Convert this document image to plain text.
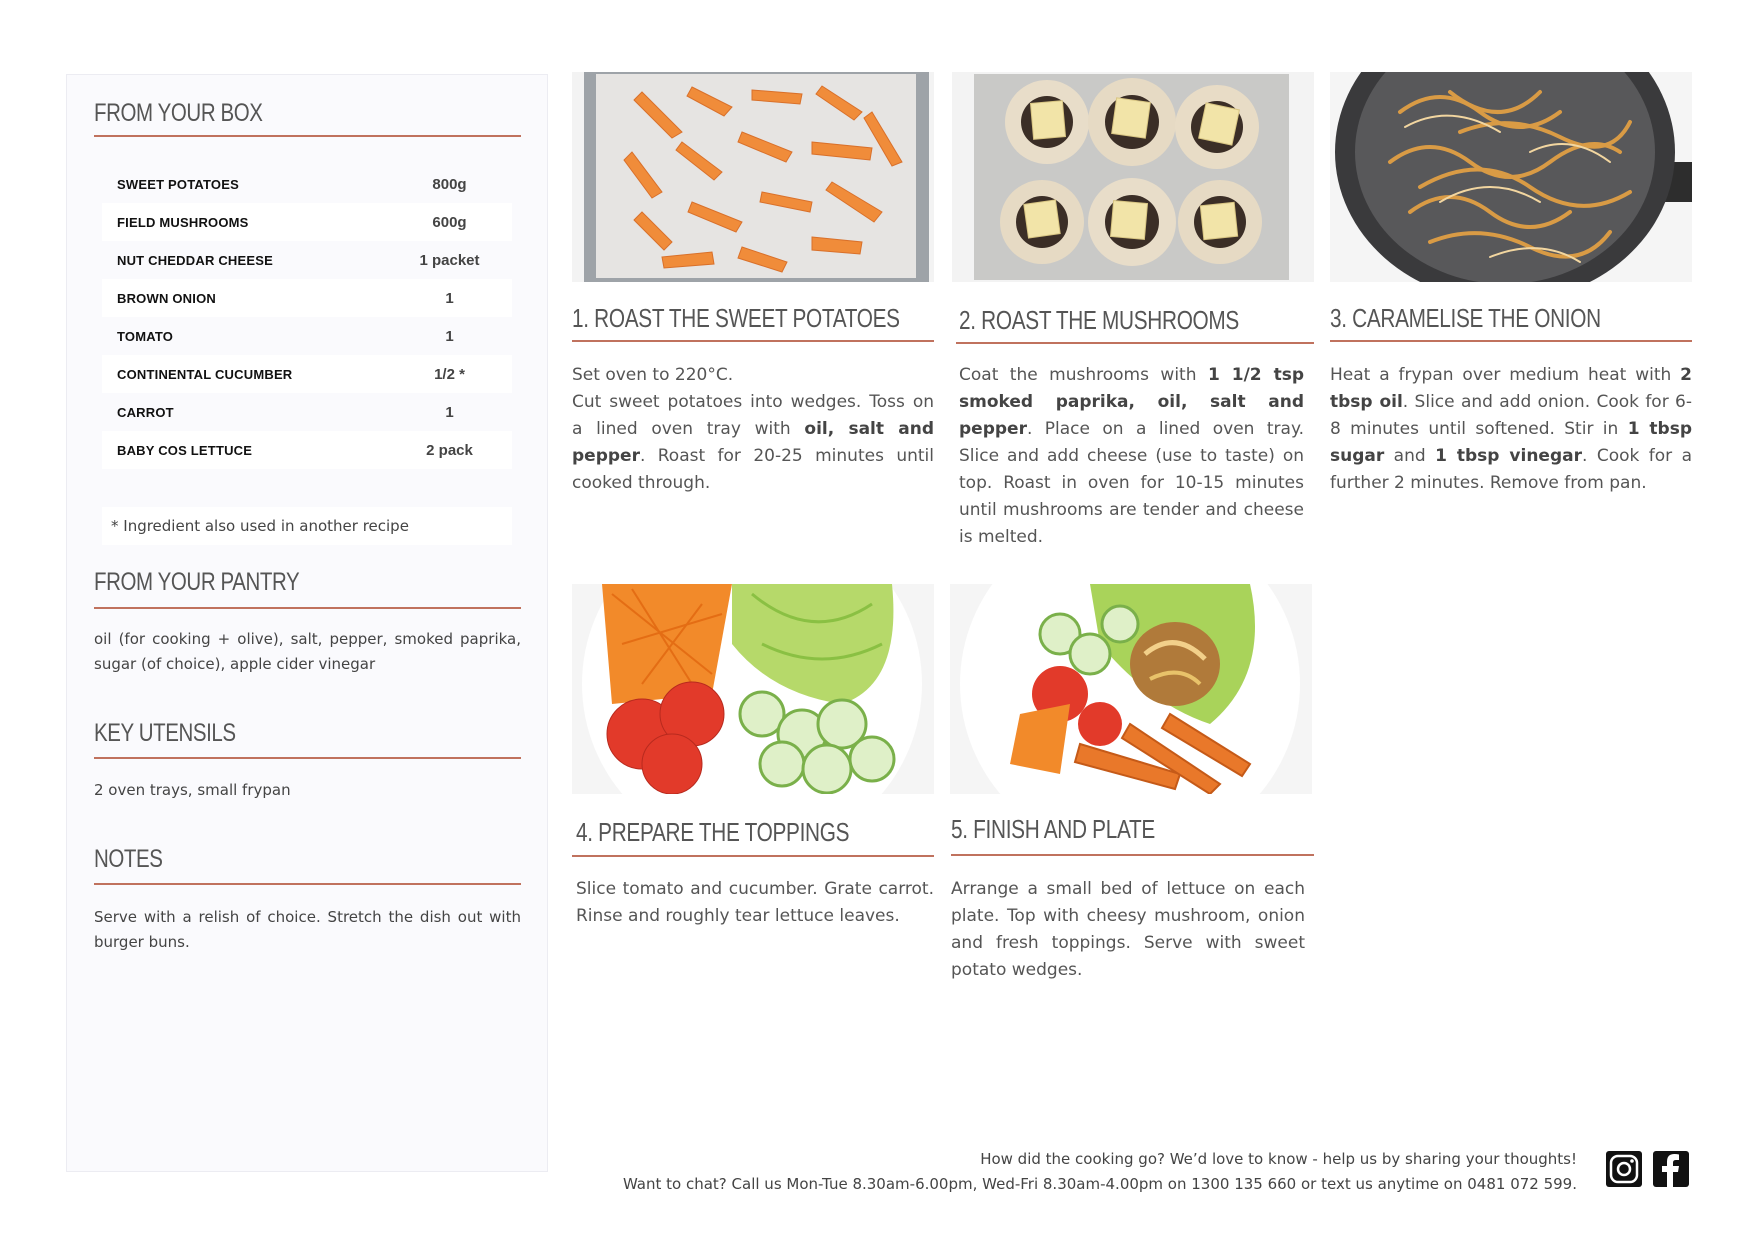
FROM YOUR BOX
SWEET POTATOES	800g
FIELD MUSHROOMS	600g
NUT CHEDDAR CHEESE	1 packet
BROWN ONION	1
TOMATO	1
CONTINENTAL CUCUMBER	1/2 *
CARROT	1
BABY COS LETTUCE	2 pack
* Ingredient also used in another recipe
FROM YOUR PANTRY

oil (for cooking + olive), salt, pepper, smoked paprika, sugar (of choice), apple cider vinegar

KEY UTENSILS

2 oven trays, small frypan

NOTES

Serve with a relish of choice. Stretch the dish out with burger buns.

1. ROAST THE SWEET POTATOES

Set oven to 220°C.
Cut sweet potatoes into wedges. Toss on a lined oven tray with oil, salt and pepper. Roast for 20-25 minutes until cooked through.

2. ROAST THE MUSHROOMS

Coat the mushrooms with 1 1/2 tsp smoked paprika, oil, salt and pepper. Place on a lined oven tray. Slice and add cheese (use to taste) on top. Roast in oven for 10-15 minutes until mushrooms are tender and cheese is melted.

3. CARAMELISE THE ONION

Heat a frypan over medium heat with 2 tbsp oil. Slice and add onion. Cook for 6-8 minutes until softened. Stir in 1 tbsp sugar and 1 tbsp vinegar. Cook for a further 2 minutes. Remove from pan.

4. PREPARE THE TOPPINGS

Slice tomato and cucumber. Grate carrot. Rinse and roughly tear lettuce leaves.

5. FINISH AND PLATE

Arrange a small bed of lettuce on each plate. Top with cheesy mushroom, onion and fresh toppings. Serve with sweet potato wedges.

How did the cooking go? We’d love to know - help us by sharing your thoughts!
Want to chat? Call us Mon-Tue 8.30am-6.00pm, Wed-Fri 8.30am-4.00pm on 1300 135 660 or text us anytime on 0481 072 599.
